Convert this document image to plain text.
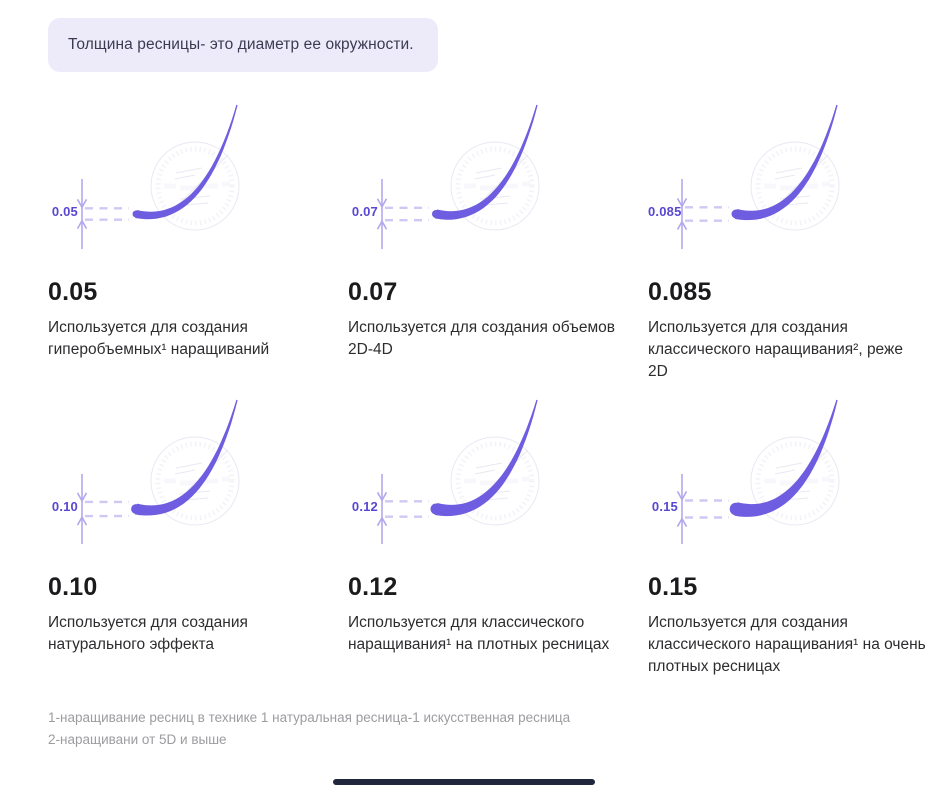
Толщина ресницы- это диаметр ее окружности.
0.05
0.05

Используется для создания гиперобъемных¹ наращиваний

0.07
0.07

Используется для создания объемов 2D-4D

0.085
0.085

Используется для создания классического наращивания², реже 2D

0.10
0.10

Используется для создания натурального эффекта

0.12
0.12

Используется для классического наращивания¹ на плотных ресницах

0.15
0.15

Используется для создания классического наращивания¹ на очень плотных ресницах

1-наращивание ресниц в технике 1 натуральная ресница-1 искусственная ресница
2-наращивани от 5D и выше
